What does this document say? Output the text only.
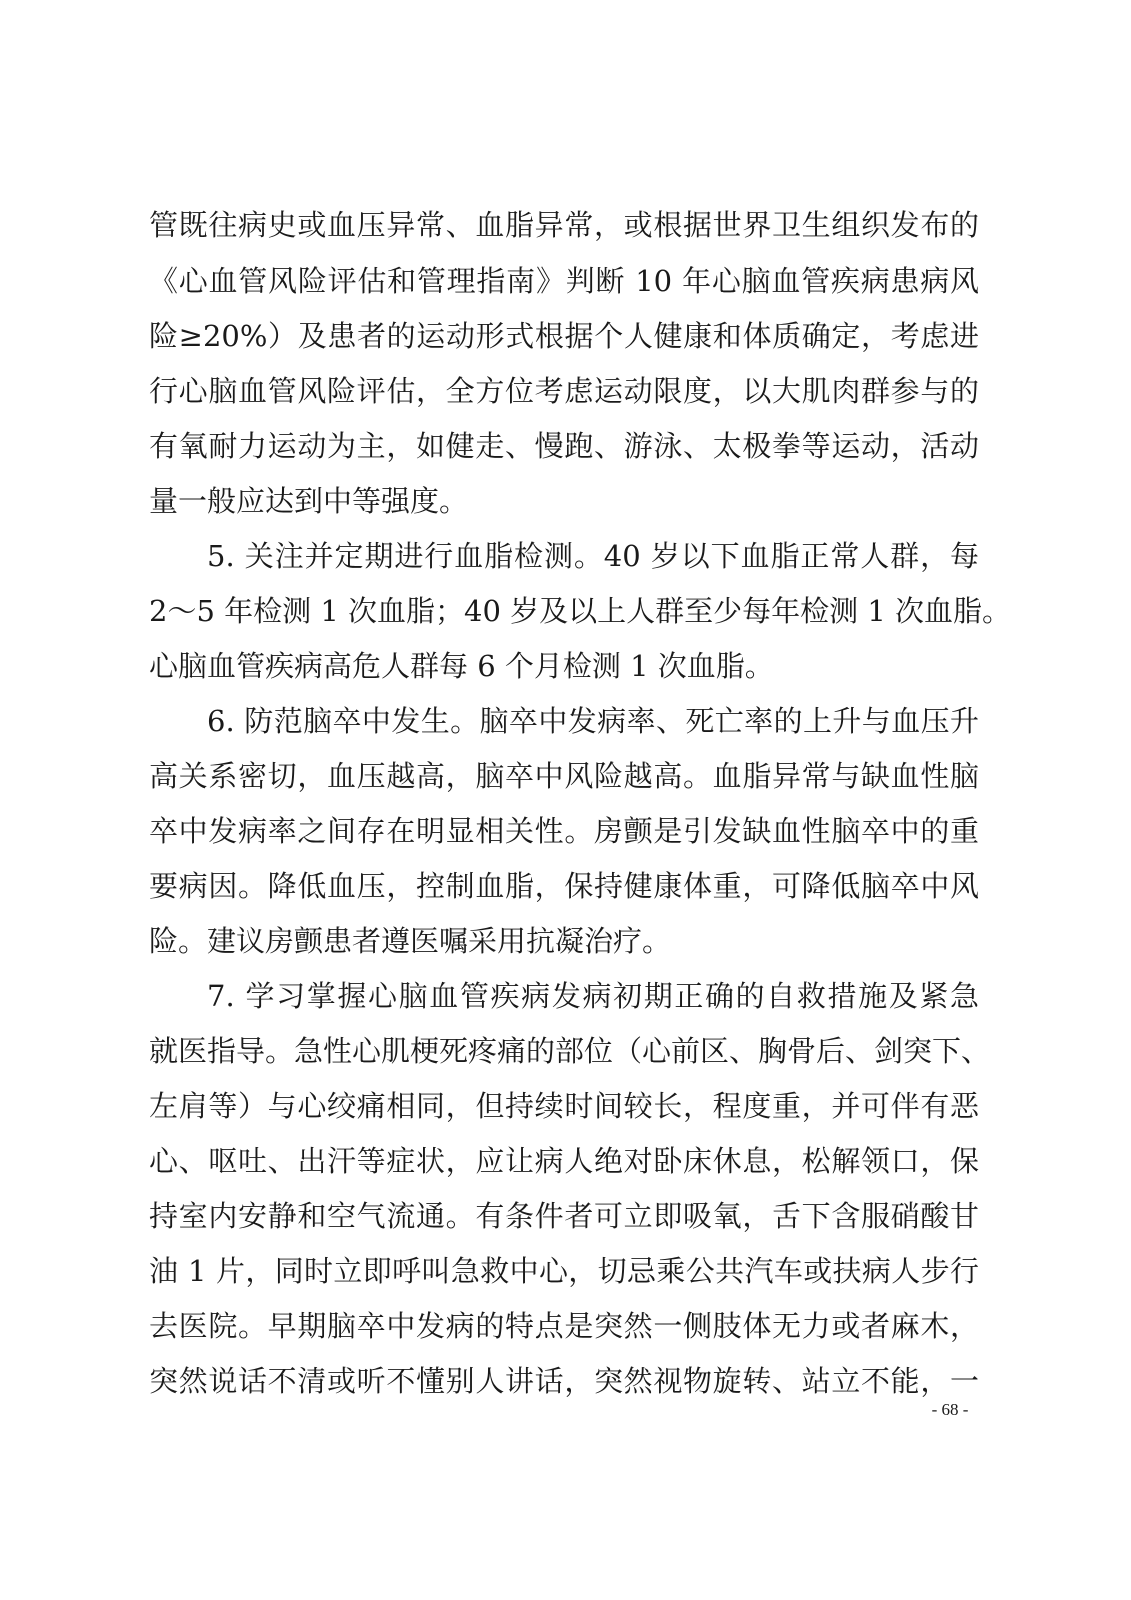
管既往病史或血压异常、血脂异常，或根据世界卫生组织发布的
《心血管风险评估和管理指南》判断 10 年心脑血管疾病患病风
险≥20%）及患者的运动形式根据个人健康和体质确定，考虑进
行心脑血管风险评估，全方位考虑运动限度，以大肌肉群参与的
有氧耐力运动为主，如健走、慢跑、游泳、太极拳等运动，活动
量一般应达到中等强度。
5. 关注并定期进行血脂检测。40 岁以下血脂正常人群，每
2～5 年检测 1 次血脂；40 岁及以上人群至少每年检测 1 次血脂。
心脑血管疾病高危人群每 6 个月检测 1 次血脂。
6. 防范脑卒中发生。脑卒中发病率、死亡率的上升与血压升
高关系密切，血压越高，脑卒中风险越高。血脂异常与缺血性脑
卒中发病率之间存在明显相关性。房颤是引发缺血性脑卒中的重
要病因。降低血压，控制血脂，保持健康体重，可降低脑卒中风
险。建议房颤患者遵医嘱采用抗凝治疗。
7. 学习掌握心脑血管疾病发病初期正确的自救措施及紧急
就医指导。急性心肌梗死疼痛的部位（心前区、胸骨后、剑突下、
左肩等）与心绞痛相同，但持续时间较长，程度重，并可伴有恶
心、呕吐、出汗等症状，应让病人绝对卧床休息，松解领口，保
持室内安静和空气流通。有条件者可立即吸氧，舌下含服硝酸甘
油 1 片，同时立即呼叫急救中心，切忌乘公共汽车或扶病人步行
去医院。早期脑卒中发病的特点是突然一侧肢体无力或者麻木，
突然说话不清或听不懂别人讲话，突然视物旋转、站立不能，一
- 68 -
